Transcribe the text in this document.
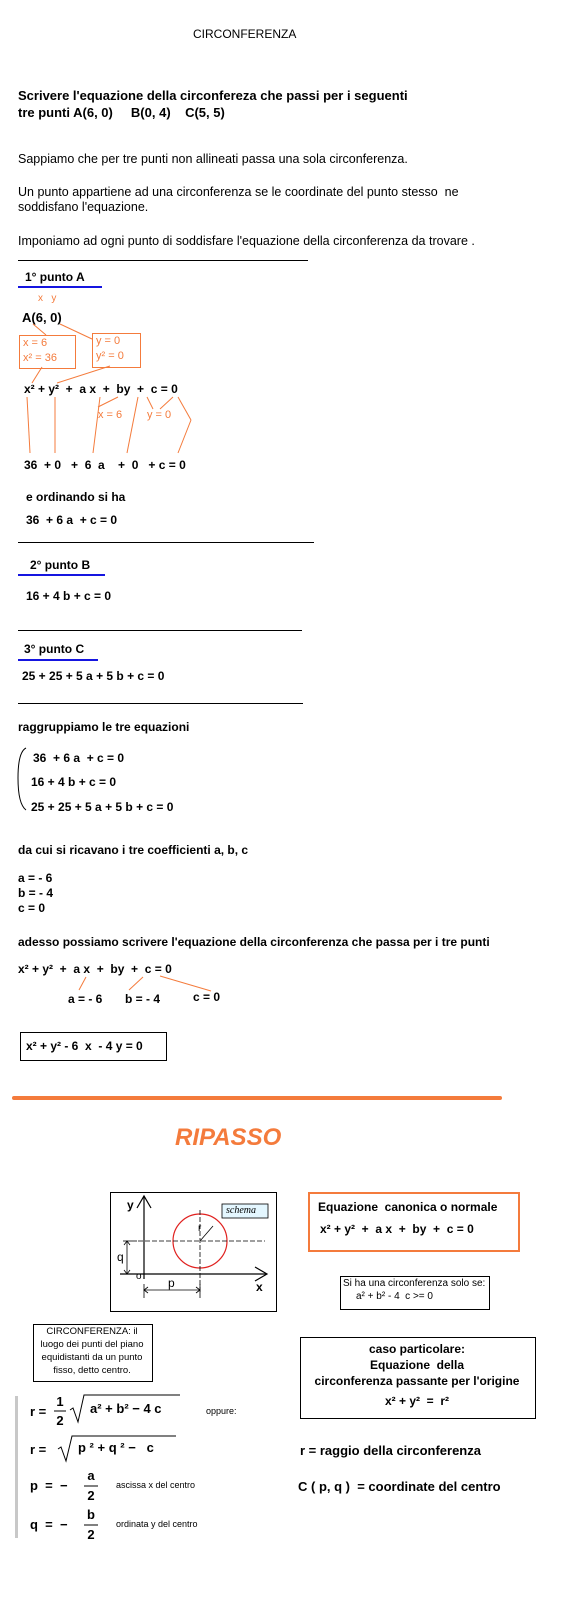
CIRCONFERENZA
Scrivere l'equazione della circonfereza che passi per i seguenti
tre punti A(6, 0)     B(0, 4)    C(5, 5)
Sappiamo che per tre punti non allineati passa una sola circonferenza.
Un punto appartiene ad una circonferenza se le coordinate del punto stesso  ne
soddisfano l'equazione.
Imponiamo ad ogni punto di soddisfare l'equazione della circonferenza da trovare .
1° punto A
x   y
A(6, 0)
x = 6
x² = 36
y = 0
y² = 0
x² + y²  +  a x  +  by  +  c = 0
x = 6 y = 0
36  + 0   +  6  a    +  0   + c = 0
e ordinando si ha
36  + 6 a  + c = 0
2° punto B
16 + 4 b + c = 0
3° punto C
25 + 25 + 5 a + 5 b + c = 0
raggruppiamo le tre equazioni
36  + 6 a  + c = 0
16 + 4 b + c = 0
25 + 25 + 5 a + 5 b + c = 0
da cui si ricavano i tre coefficienti a, b, c
a = - 6
b = - 4
c = 0
adesso possiamo scrivere l'equazione della circonferenza che passa per i tre punti
x² + y²  +  a x  +  by  +  c = 0
a = - 6 b = - 4	c = 0
x² + y² - 6  x  - 4 y = 0
RIPASSO
y
x
o
q
p
r
schema	Equazione  canonica o normale
x² + y²  +  a x  +  by  +  c = 0
Si ha una circonferenza solo se:
a² + b² - 4  c >= 0
CIRCONFERENZA: il
luogo dei punti del piano
equidistanti da un punto
fisso, detto centro.
caso particolare:
Equazione  della
circonferenza passante per l'origine
x² + y²  =  r²
r =
1
2
a² + b² − 4 c	oppure:
r = p ² + q ² −   c
p  =  −
a
2
ascissa x del centro
q  =  −
b
2
ordinata y del centro
r = raggio della circonferenza
C ( p, q )  = coordinate del centro
